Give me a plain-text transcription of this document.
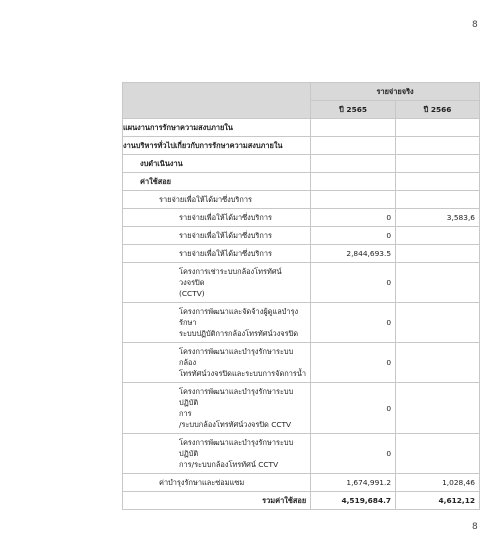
8
	รายจ่ายจริง	
	ปี 2565	ปี 2566
แผนงานการรักษาความสงบภายใน		
งานบริหารทั่วไปเกี่ยวกับการรักษาความสงบภายใน		
งบดำเนินงาน		
ค่าใช้สอย		
รายจ่ายเพื่อให้ได้มาซึ่งบริการ		
รายจ่ายเพื่อให้ได้มาซึ่งบริการ	0	3,583,6
รายจ่ายเพื่อให้ได้มาซึ่งบริการ	0	
รายจ่ายเพื่อให้ได้มาซึ่งบริการ	2,844,693.5	

โครงการเช่าระบบกล้องโทรทัศน์วงจรปิด
(CCTV)	0	

โครงการพัฒนาและจัดจ้างผู้ดูแลบำรุงรักษา
ระบบปฏิบัติการกล้องโทรทัศน์วงจรปิด	0	

โครงการพัฒนาและบำรุงรักษาระบบกล้อง
โทรทัศน์วงจรปิดและระบบการจัดการน้ำ	0	

โครงการพัฒนาและบำรุงรักษาระบบปฏิบัติ
การ
/ระบบกล้องโทรทัศน์วงจรปิด CCTV	0	

โครงการพัฒนาและบำรุงรักษาระบบปฏิบัติ
การ/ระบบกล้องโทรทัศน์ CCTV	0	
ค่าบำรุงรักษาและซ่อมแซม	1,674,991.2	1,028,46
รวมค่าใช้สอย	4,519,684.7	4,612,12
8
